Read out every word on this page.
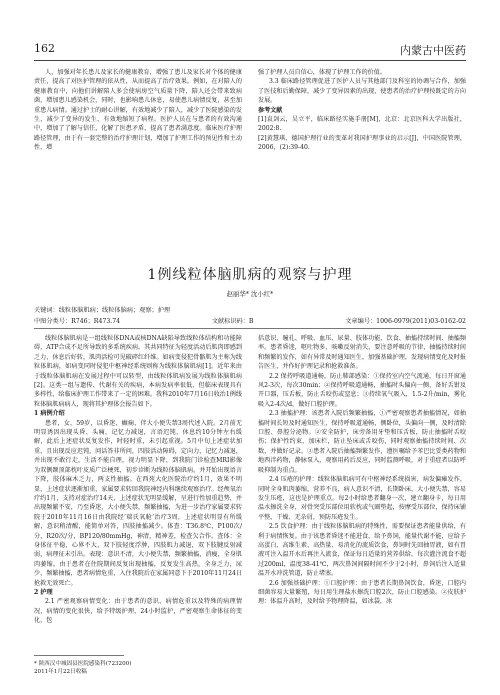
162	内蒙古中医药

人，加强对年长患儿及家长的健康教育，增强了患儿及家长对个体的健康责任，提高了对医护管理的依从性，从而提高了治疗效果。例如，在对陪人的健康教育中，向他们讲解陪人多会使病房空气质量下降，陪人还会带来致病菌，增加患儿感染机会，同时，也影响患儿休息，易使患儿病情反复，甚至加重患儿病情。通过护士的耐心讲解，有效地减少了陪人，减少了医院感染的发生，减少了变异的发生，有效地缩短了病程。医护人员在与患者的有效沟通中，增加了了解与信任，化解了医患矛盾，提高了患者满意度。临床医疗护理路径管理，由于有一套完整的治疗护理计划，增加了护理工作的预见性和主动性，增

强了护理人员自信心，体现了护理工作的价值。

3.3 临床路径管理促进了医护人员与其他部门及科室的协调与合作，加强了医技和后勤保障，减少了变异因素的出现，使患者的治疗护理按既定的方向发展。

参考文献

[1]袁剑云，吴立平，临床路径实施手册[M]，北京：北京医科大学出版社，2002:8.

[2]黄慧琪，德国护理行业的变革对我国护理事业的启示[J]，中国医院管理，2006，(2):39-40.

1例线粒体脑肌病的观察与护理
赵丽华* 沈小红*
关键词：线粒体脑肌病；线粒体脑病；观察；护理
中图分类号：R746；R473.74	文献标识码：B	文章编号：1006-0979(2011)03-0162-02

线粒体脑肌病是一组线粒体DNA或核DNA缺陷导致线粒体结构和功能障碍，ATP合成不足所导致的多系统疾病。其共同特征为轻度活动后肌肉即感到乏力，休息后好转，肌肉活检可见破碎红纤维。如病变侵犯骨骼肌为主称为线粒体肌病，如病变同时侵犯中枢神经系统则称为线粒体脑肌病[1]。近年来由于线粒体脑肌病在发展过程中可以转型，由线粒体肌病发展为线粒体脑肌病[2]。这类一组与遗传、代谢有关的疾病，本病发病率很低，但临床表现具有多样性，给临床护理工作带来了一定的困难。我科2010年7月16日收治1例线粒体脑肌病病人，现将其护理体会报告如下。

1 病例介绍

患者，女，59岁，以昏迷、癫痫、伴大小便失禁3周代述入院。2月前无明显诱因出现头昏、头痛，记忆力减退，言语迟钝，休息约10分钟左右缓解，此后上述症状反复发作，时轻时重，未引起重视。5月中旬上述症状加重，且出现反应迟钝，问话答非所问，四肢活动障碍，定向力、记忆力减退，并出现不敢行走，生活不能自理，视力明显下降，到我院门诊检查MRI影像为双侧颞顶部枕叶皮质广泛梗死，初步诊断为线粒体脑肌病。并开始出现语言下降，肢体麻木乏力，两支性抽搐。在西苑大化医院治疗约1月，效果不明显，上述症状逐渐加重，家属要求转回我院神经内科继续观察治疗。经颅氧治疗约1月，支持对症治疗14天，上述症状无明显缓解，呈进行性加重趋势，并出现频繁不安，乃至昏迷，大小便失禁，频繁抽搐，为进一步治疗家属要求转院于2010年11月16日由我院经’瑞氏氧舱’治疗3周，上述症状明显有所缓解，意识稍清醒，能简单对答，四肢抽搐减少。体查：T36.8℃，P100次/分，R20次/分，BP120/80mmHg，神清，精神差，检查欠合作。查体：全身体征平稳，心界不大，双下肢轻度浮肿，四肢肌力减退，双下肢腱反射减弱，病理征未引出。表现：意识不清，大小便失禁，频繁抽搐，消瘦，全身肌肉萎缩。由于患者在住院期间反复出现抽搐，反复发生高热，全身乏力，尿少，频繁抽搐，患者病情危重，入住我院后在家属同意下于2010年11月24日抢救无效死亡。

2 护理

2.1 严密观察病情变化：由于患者的意识、病情危重以及特殊的病理情况，病情的变化很快，给予特级护理，24小时监护，严密观察生命体征的变化，包

括意识、瞳孔、呼吸、血压、尿量、肢体功能、饮食、抽搐持续时间、抽搐频率。患者昏迷，呕吐物多，咳嗽反射消失，要注意呼吸的节律，抽搐持续时间和频繁的发作，如有异常及时通知医生，加强基础护理，发现病情变化及时报告医生，并作好护理记录和抢救准备。

2.2 保持呼吸道通畅，防止肺部感染：①保持室内空气流通，每日开窗通风2-3次，每次30min；②保持呼吸道通畅，抽搐时头偏向一侧，备好舌钳及开口器，压舌板，防止舌咬伤或窒息；③持续氧气吸入，1.5-2升/min，雾化吸入2-4次/d，做好口腔护理。

2.3 抽搐护理：该患者入院后频繁抽搐，①严密观察患者抽搐情况，如抽搐时间长短及时通知医生，保持呼吸道通畅，侧卧位，头偏向一侧，及时清除口腔、鼻腔分泌物。②安全防护，床旁备用牙垫和压舌板，防止抽搐时舌咬伤；保护性约束，加床栏，防止坠床或舌咬伤，同时观察抽搐持续时间、次数，并做好记录。③患者入院后抽搐频繁发作，遵医嘱给予苯巴比妥类药物和地西泮药物，静脉泵入，观察用药后反应，同时监测呼吸，对于重症者以防呼吸抑制为重点。

2.4 压疮的护理：线粒体脑肌病可有中枢神经系统损害，病发偏瘫发作，同时全身肌肉萎缩，营养不良，病人意识不清，长期卧床，大小便失禁，容易发生压疮，这也是护理重点。每2小时给患者翻身一次，建立翻身卡，每日用温水擦洗全身，对骨突受压部位用软枕或气圈垫起，按摩受压部位，保持床铺平整、干燥、无杂屑，预防压疮发生。

2.5 饮食护理：由于线粒体脑肌病的特殊性，需要保证患者能量供给，有利于病情恢复。由于该患者昏迷不能进食，给予鼻饲，能量代谢不能，应给予高蛋白、高维生素、高热量、易消化的流质饮食，鼻饲时先回抽胃液，如有胃液可注入温开水后再注入流食，保证每日适量的营养供给，每次灌注流食不超过200ml，温度38-41℃，两次鼻饲间隔时间不少于2小时，鼻饲后注入适量温开水冲洗管道，防止堵塞。

2.6 加强基础护理：①口腔护理：由于患者长期鼻饲饮食，昏迷，口腔内细菌容易大量繁殖，每日用生理盐水擦洗口腔2次，防止口腔感染。②皮肤护理：体温升高时，及时给予物理降温，如冰袋，冰

* 陕西汉中城固县医院感染科(723200)
2011年1月22日收稿
